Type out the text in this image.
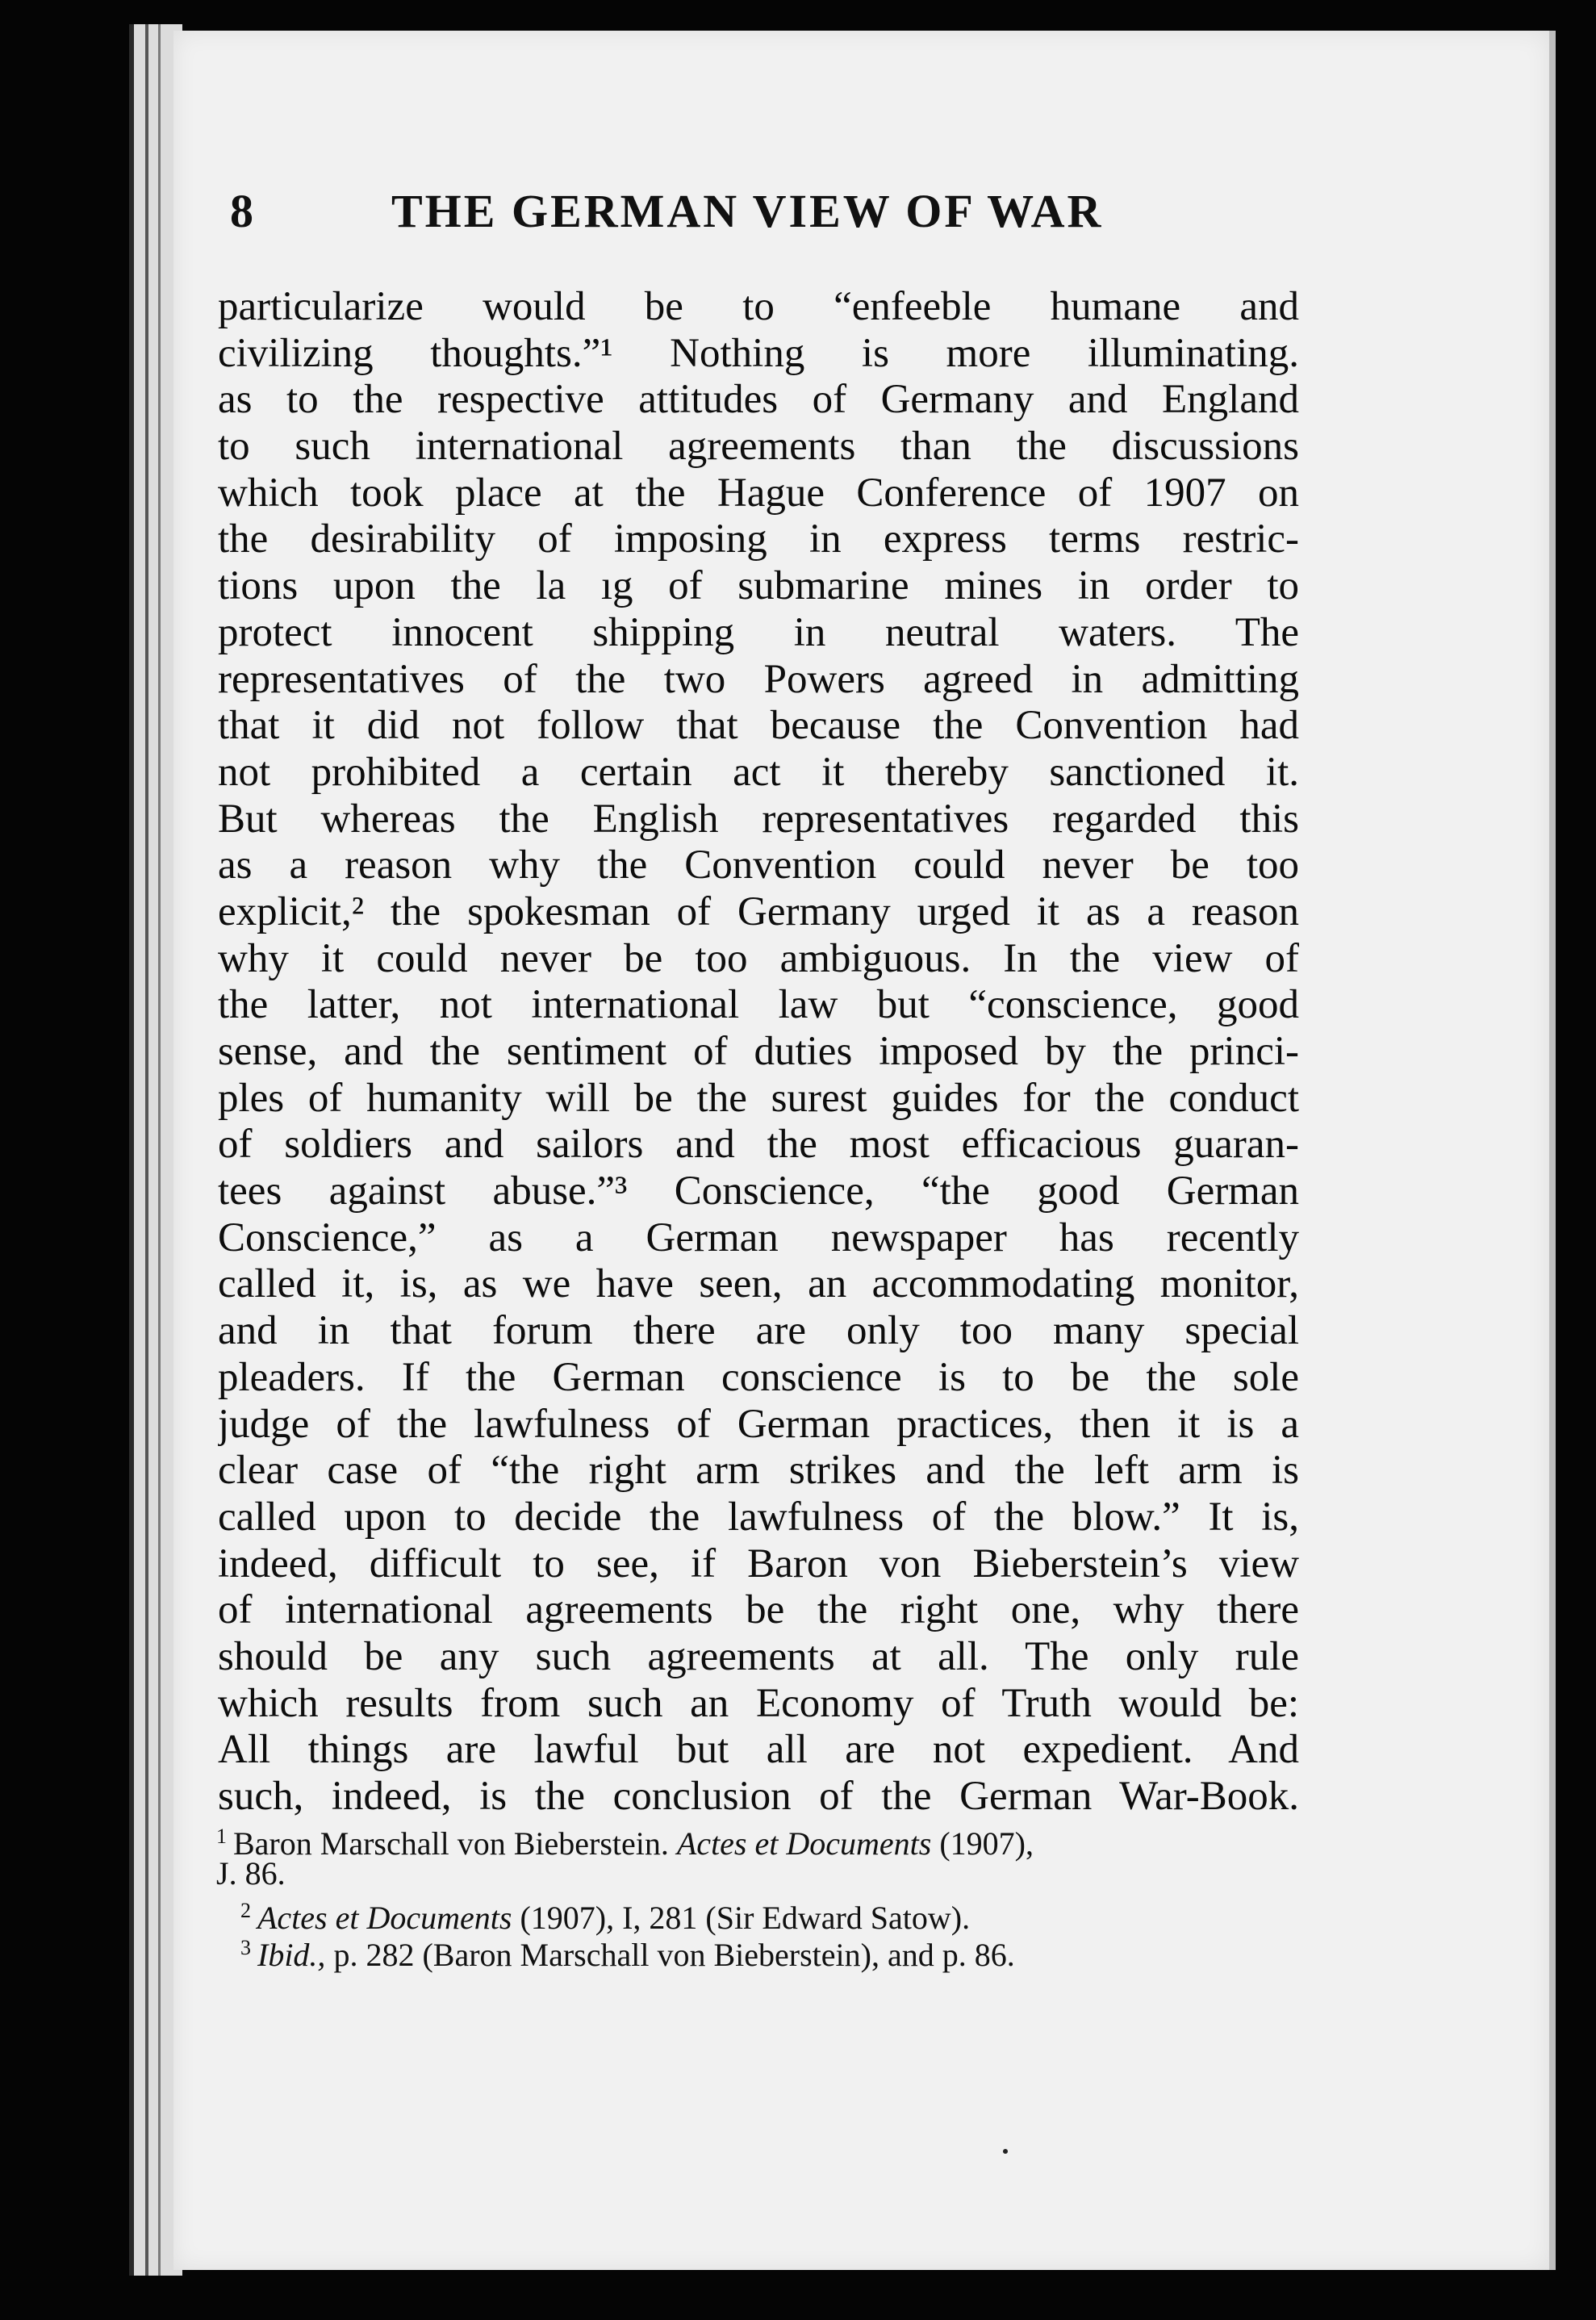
8	THE GERMAN VIEW OF WAR
particularize would be to “enfeeble humane and
civilizing thoughts.”¹ Nothing is more illuminating.
as to the respective attitudes of Germany and England
to such international agreements than the discussions
which took place at the Hague Conference of 1907 on
the desirability of imposing in express terms restric-
tions upon the la ıg of submarine mines in order to
protect innocent shipping in neutral waters. The
representatives of the two Powers agreed in admitting
that it did not follow that because the Convention had
not prohibited a certain act it thereby sanctioned it.
But whereas the English representatives regarded this
as a reason why the Convention could never be too
explicit,² the spokesman of Germany urged it as a reason
why it could never be too ambiguous. In the view of
the latter, not international law but “conscience, good
sense, and the sentiment of duties imposed by the princi-
ples of humanity will be the surest guides for the conduct
of soldiers and sailors and the most efficacious guaran-
tees against abuse.”³ Conscience, “the good German
Conscience,” as a German newspaper has recently
called it, is, as we have seen, an accommodating monitor,
and in that forum there are only too many special
pleaders. If the German conscience is to be the sole
judge of the lawfulness of German practices, then it is a
clear case of “the right arm strikes and the left arm is
called upon to decide the lawfulness of the blow.” It is,
indeed, difficult to see, if Baron von Bieberstein’s view
of international agreements be the right one, why there
should be any such agreements at all. The only rule
which results from such an Economy of Truth would be:
All things are lawful but all are not expedient. And
such, indeed, is the conclusion of the German War-Book.
$^1$ Baron Marschall von Bieberstein. Actes et Documents (1907),
J. 86.
$^2$ Actes et Documents (1907), I, 281 (Sir Edward Satow).
$^3$ Ibid., p. 282 (Baron Marschall von Bieberstein), and p. 86.
